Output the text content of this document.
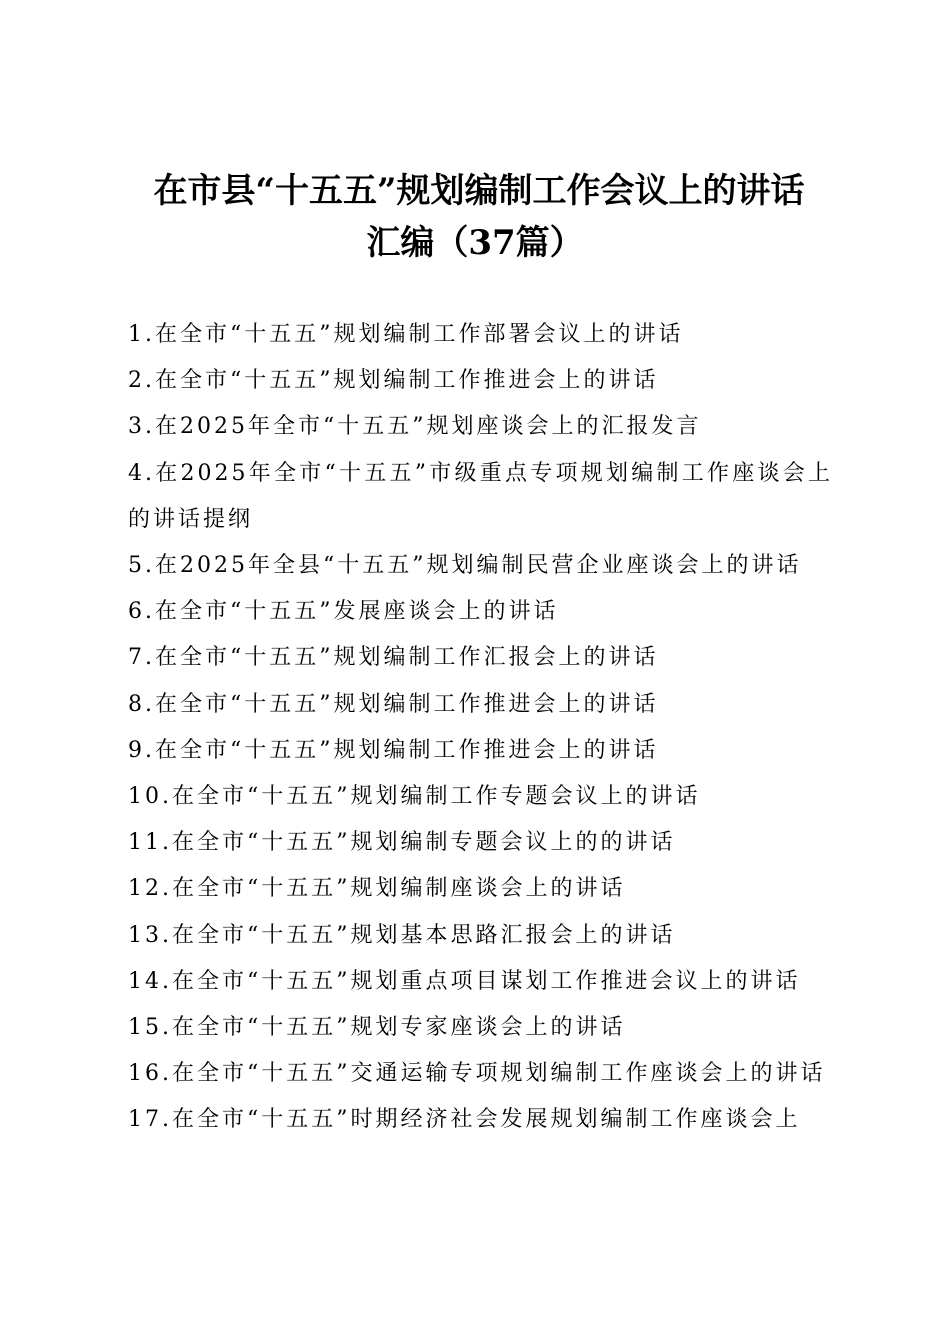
在市县“十五五”规划编制工作会议上的讲话
汇编（37篇）
1.在全市“十五五”规划编制工作部署会议上的讲话
2.在全市“十五五”规划编制工作推进会上的讲话
3.在2025年全市“十五五”规划座谈会上的汇报发言
4.在2025年全市“十五五”市级重点专项规划编制工作座谈会上的讲话提纲
5.在2025年全县“十五五”规划编制民营企业座谈会上的讲话
6.在全市“十五五”发展座谈会上的讲话
7.在全市“十五五”规划编制工作汇报会上的讲话
8.在全市“十五五”规划编制工作推进会上的讲话
9.在全市“十五五”规划编制工作推进会上的讲话
10.在全市“十五五”规划编制工作专题会议上的讲话
11.在全市“十五五”规划编制专题会议上的的讲话
12.在全市“十五五”规划编制座谈会上的讲话
13.在全市“十五五”规划基本思路汇报会上的讲话
14.在全市“十五五”规划重点项目谋划工作推进会议上的讲话
15.在全市“十五五”规划专家座谈会上的讲话
16.在全市“十五五”交通运输专项规划编制工作座谈会上的讲话
17.在全市“十五五”时期经济社会发展规划编制工作座谈会上
